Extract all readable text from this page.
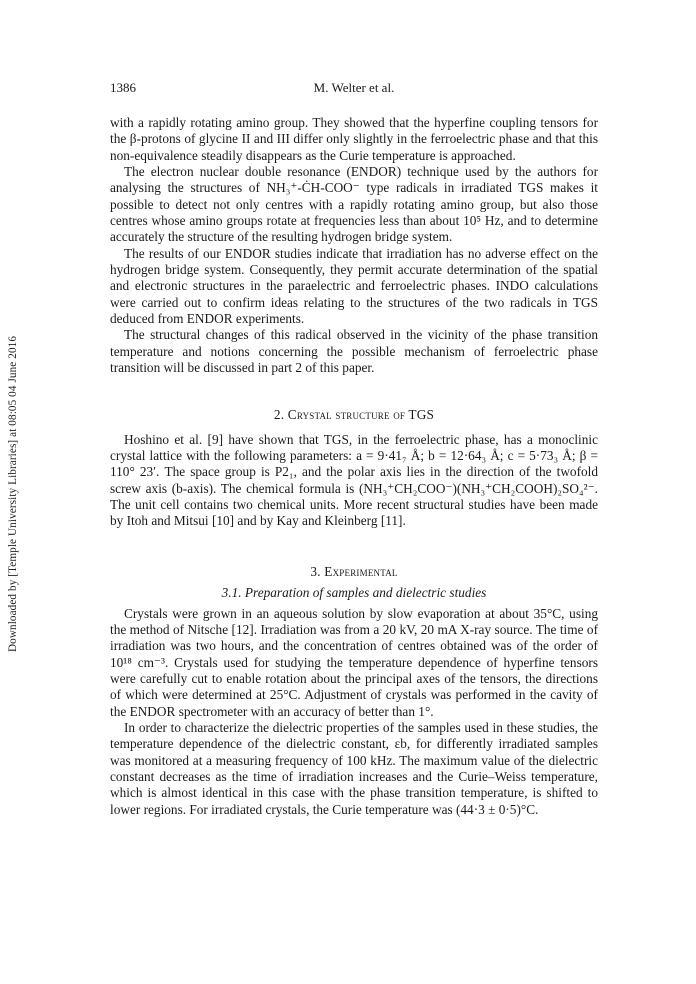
Downloaded by [Temple University Libraries] at 08:05 04 June 2016
1386	M. Welter et al.

with a rapidly rotating amino group. They showed that the hyperfine coupling tensors for the β-protons of glycine II and III differ only slightly in the ferroelectric phase and that this non-equivalence steadily disappears as the Curie temperature is approached.

The electron nuclear double resonance (ENDOR) technique used by the authors for analysing the structures of NH₃⁺-ĊH-COO⁻ type radicals in irradiated TGS makes it possible to detect not only centres with a rapidly rotating amino group, but also those centres whose amino groups rotate at frequencies less than about 10⁵ Hz, and to determine accurately the structure of the resulting hydrogen bridge system.

The results of our ENDOR studies indicate that irradiation has no adverse effect on the hydrogen bridge system. Consequently, they permit accurate determination of the spatial and electronic structures in the paraelectric and ferroelectric phases. INDO calculations were carried out to confirm ideas relating to the structures of the two radicals in TGS deduced from ENDOR experiments.

The structural changes of this radical observed in the vicinity of the phase transition temperature and notions concerning the possible mechanism of ferroelectric phase transition will be discussed in part 2 of this paper.

2. Crystal structure of TGS

Hoshino et al. [9] have shown that TGS, in the ferroelectric phase, has a monoclinic crystal lattice with the following parameters: a = 9·41₇ Å; b = 12·64₃ Å; c = 5·73₃ Å; β = 110° 23′. The space group is P2₁, and the polar axis lies in the direction of the twofold screw axis (b-axis). The chemical formula is (NH₃⁺CH₂COO⁻)(NH₃⁺CH₂COOH)₂SO₄²⁻. The unit cell contains two chemical units. More recent structural studies have been made by Itoh and Mitsui [10] and by Kay and Kleinberg [11].

3. Experimental
3.1. Preparation of samples and dielectric studies

Crystals were grown in an aqueous solution by slow evaporation at about 35°C, using the method of Nitsche [12]. Irradiation was from a 20 kV, 20 mA X-ray source. The time of irradiation was two hours, and the concentration of centres obtained was of the order of 10¹⁸ cm⁻³. Crystals used for studying the temperature dependence of hyperfine tensors were carefully cut to enable rotation about the principal axes of the tensors, the directions of which were determined at 25°C. Adjustment of crystals was performed in the cavity of the ENDOR spectrometer with an accuracy of better than 1°.

In order to characterize the dielectric properties of the samples used in these studies, the temperature dependence of the dielectric constant, εb, for differently irradiated samples was monitored at a measuring frequency of 100 kHz. The maximum value of the dielectric constant decreases as the time of irradiation increases and the Curie–Weiss temperature, which is almost identical in this case with the phase transition temperature, is shifted to lower regions. For irradiated crystals, the Curie temperature was (44·3 ± 0·5)°C.
